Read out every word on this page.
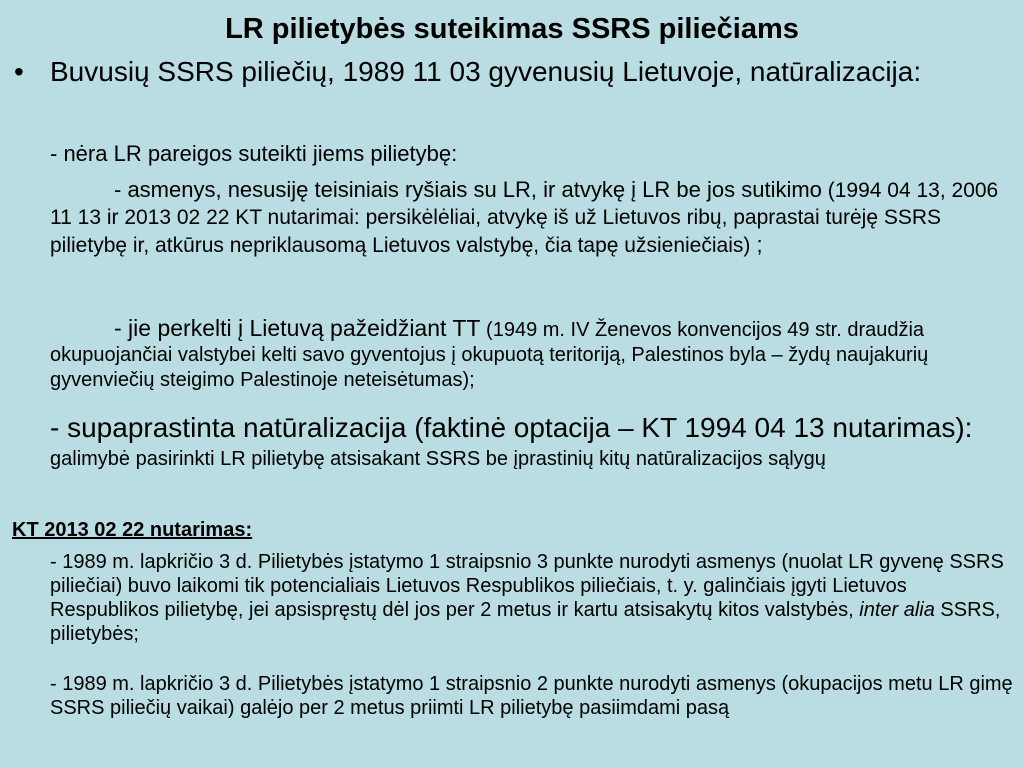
LR pilietybės suteikimas SSRS piliečiams
• Buvusių SSRS piliečių, 1989 11 03 gyvenusių Lietuvoje, natūralizacija:

- nėra LR pareigos suteikti jiems pilietybę:

- asmenys, nesusiję teisiniais ryšiais su LR, ir atvykę į LR be jos sutikimo (1994 04 13, 2006 11 13 ir 2013 02 22 KT nutarimai: persikėlėliai, atvykę iš už Lietuvos ribų, paprastai turėję SSRS pilietybę ir, atkūrus nepriklausomą Lietuvos valstybę, čia tapę užsieniečiais) ;

- jie perkelti į Lietuvą pažeidžiant TT (1949 m. IV Ženevos konvencijos 49 str. draudžia okupuojančiai valstybei kelti savo gyventojus į okupuotą teritoriją, Palestinos byla – žydų naujakurių gyvenviečių steigimo Palestinoje neteisėtumas);

- supaprastinta natūralizacija (faktinė optacija – KT 1994 04 13 nutarimas): galimybė pasirinkti LR pilietybę atsisakant SSRS be įprastinių kitų natūralizacijos sąlygų

KT 2013 02 22 nutarimas:

- 1989 m. lapkričio 3 d. Pilietybės įstatymo 1 straipsnio 3 punkte nurodyti asmenys (nuolat LR gyvenę SSRS piliečiai) buvo laikomi tik potencialiais Lietuvos Respublikos piliečiais, t. y. galinčiais įgyti Lietuvos Respublikos pilietybę, jei apsispręstų dėl jos per 2 metus ir kartu atsisakytų kitos valstybės, inter alia SSRS, pilietybės;

- 1989 m. lapkričio 3 d. Pilietybės įstatymo 1 straipsnio 2 punkte nurodyti asmenys (okupacijos metu LR gimę SSRS piliečių vaikai) galėjo per 2 metus priimti LR pilietybę pasiimdami pasą
